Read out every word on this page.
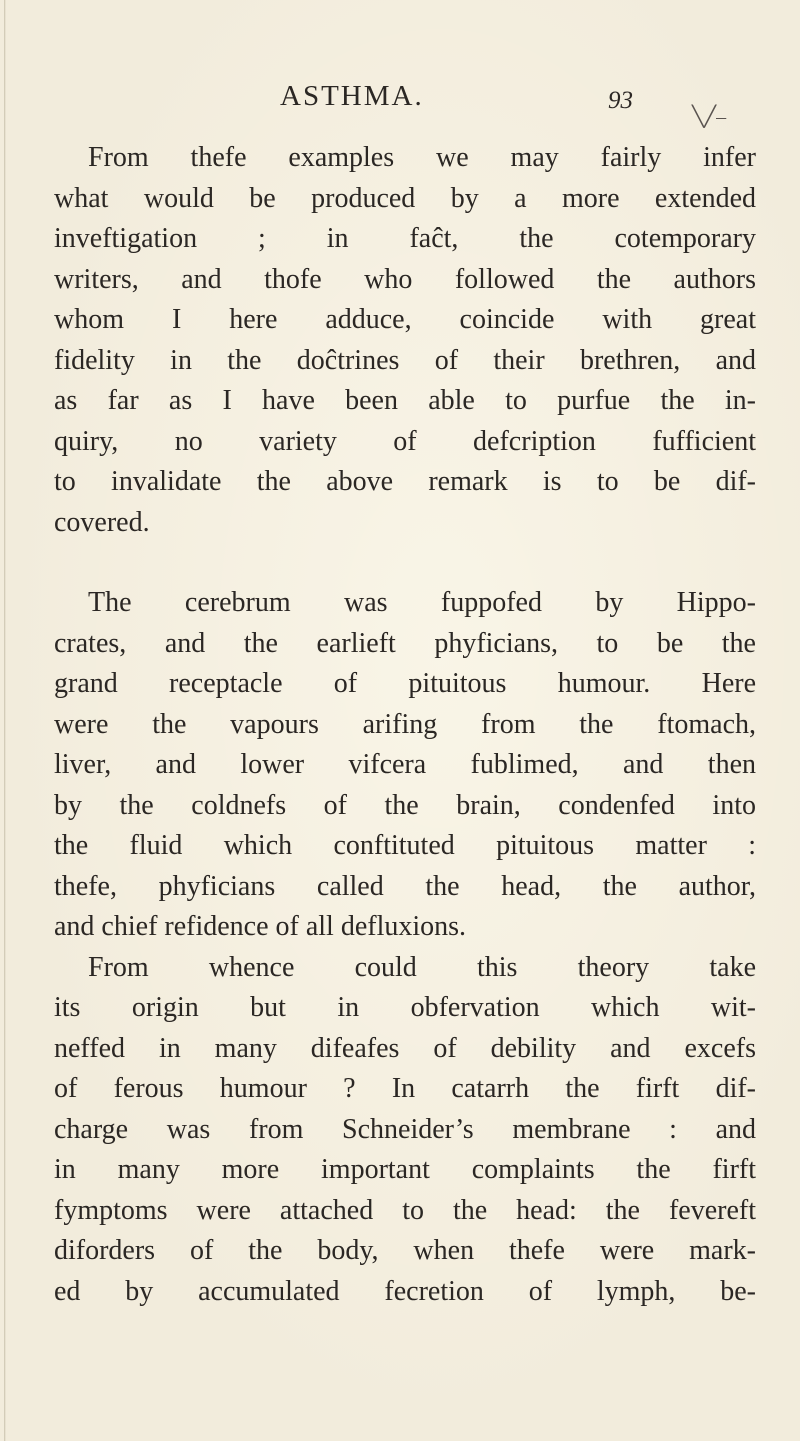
ASTHMA.	93
╲╱‒
From thefe examples we may fairly infer
what would be produced by a more extended
inveftigation ; in faĉt, the cotemporary
writers, and thofe who followed the authors
whom I here adduce, coincide with great
fidelity in the doĉtrines of their brethren, and
as far as I have been able to purfue the in-
quiry, no variety of defcription fufficient
to invalidate the above remark is to be dif-
covered.
The cerebrum was fuppofed by Hippo-
crates, and the earlieft phyficians, to be the
grand receptacle of pituitous humour. Here
were the vapours arifing from the ftomach,
liver, and lower vifcera fublimed, and then
by the coldnefs of the brain, condenfed into
the fluid which conftituted pituitous matter :
thefe, phyficians called the head, the author,
and chief refidence of all defluxions.
From whence could this theory take
its origin but in obfervation which wit-
neffed in many difeafes of debility and excefs
of ferous humour ? In catarrh the firft dif-
charge was from Schneider’s membrane : and
in many more important complaints the firft
fymptoms were attached to the head: the fevereft
diforders of the body, when thefe were mark-
ed by accumulated fecretion of lymph, be-
